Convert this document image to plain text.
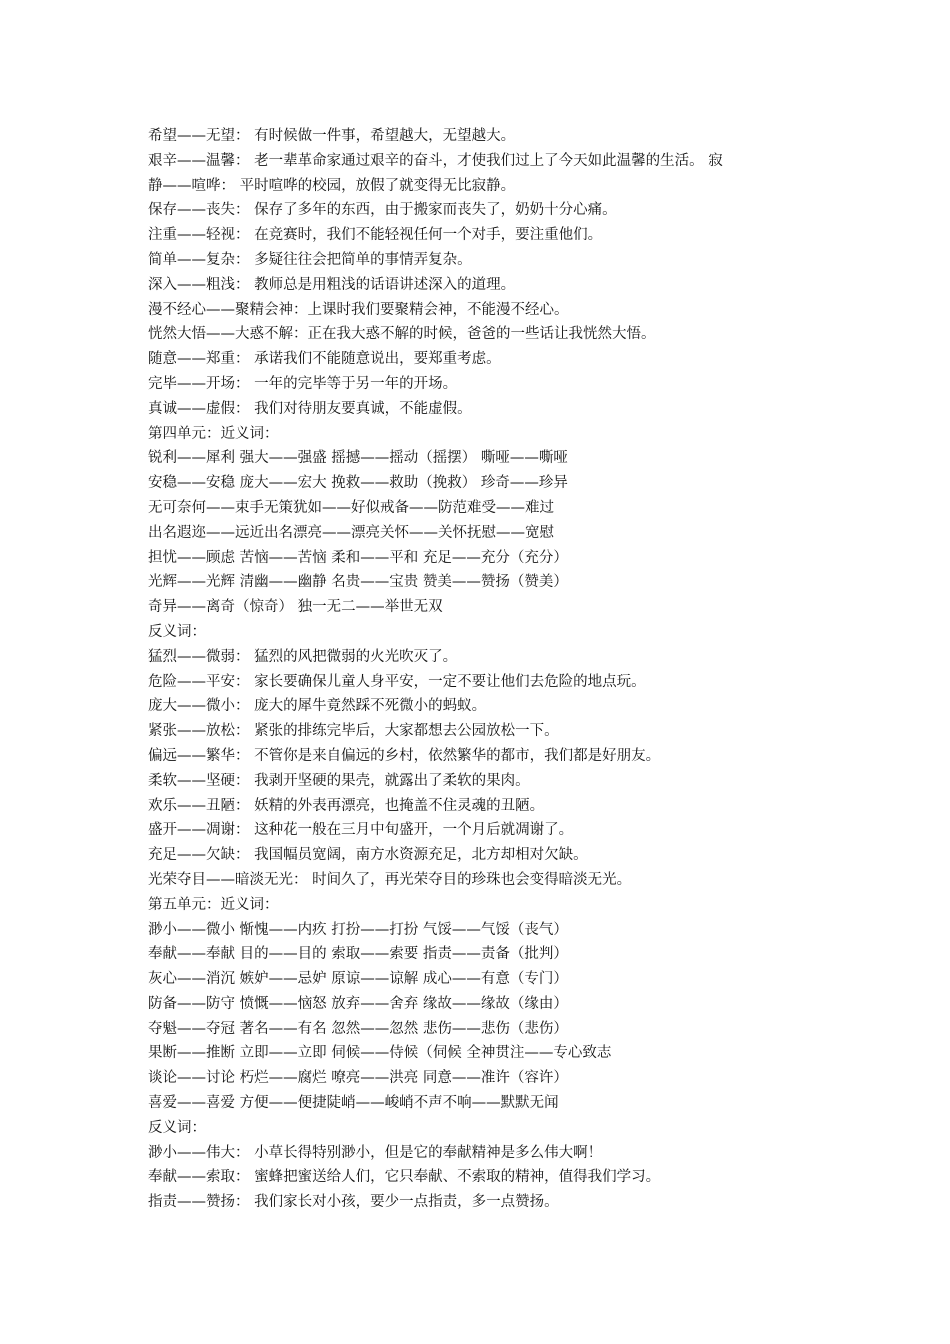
希望——无望： 有时候做一件事，希望越大，无望越大。
艰辛——温馨： 老一辈革命家通过艰辛的奋斗，才使我们过上了今天如此温馨的生活。 寂
静——喧哗： 平时喧哗的校园，放假了就变得无比寂静。
保存——丧失： 保存了多年的东西，由于搬家而丧失了，奶奶十分心痛。
注重——轻视： 在竞赛时，我们不能轻视任何一个对手，要注重他们。
简单——复杂： 多疑往往会把简单的事情弄复杂。
深入——粗浅： 教师总是用粗浅的话语讲述深入的道理。
漫不经心——聚精会神：上课时我们要聚精会神，不能漫不经心。
恍然大悟——大惑不解：正在我大惑不解的时候，爸爸的一些话让我恍然大悟。
随意——郑重： 承诺我们不能随意说出，要郑重考虑。
完毕——开场： 一年的完毕等于另一年的开场。
真诚——虚假： 我们对待朋友要真诚，不能虚假。
第四单元：近义词：
锐利——犀利 强大——强盛 摇撼——摇动（摇摆） 嘶哑——嘶哑
安稳——安稳 庞大——宏大 挽救——救助（挽救） 珍奇——珍异
无可奈何——束手无策犹如——好似戒备——防范难受——难过
出名遐迩——远近出名漂亮——漂亮关怀——关怀抚慰——宽慰
担忧——顾虑 苦恼——苦恼 柔和——平和 充足——充分（充分）
光辉——光辉 清幽——幽静 名贵——宝贵 赞美——赞扬（赞美）
奇异——离奇（惊奇） 独一无二——举世无双
反义词：
猛烈——微弱： 猛烈的风把微弱的火光吹灭了。
危险——平安： 家长要确保儿童人身平安，一定不要让他们去危险的地点玩。
庞大——微小： 庞大的犀牛竟然踩不死微小的蚂蚁。
紧张——放松： 紧张的排练完毕后，大家都想去公园放松一下。
偏远——繁华： 不管你是来自偏远的乡村，依然繁华的都市，我们都是好朋友。
柔软——坚硬： 我剥开坚硬的果壳，就露出了柔软的果肉。
欢乐——丑陋： 妖精的外表再漂亮，也掩盖不住灵魂的丑陋。
盛开——凋谢： 这种花一般在三月中旬盛开，一个月后就凋谢了。
充足——欠缺： 我国幅员宽阔，南方水资源充足，北方却相对欠缺。
光荣夺目——暗淡无光： 时间久了，再光荣夺目的珍珠也会变得暗淡无光。
第五单元：近义词：
渺小——微小 惭愧——内疚 打扮——打扮 气馁——气馁（丧气）
奉献——奉献 目的——目的 索取——索要 指责——责备（批判）
灰心——消沉 嫉妒——忌妒 原谅——谅解 成心——有意（专门）
防备——防守 愤慨——恼怒 放弃——舍弃 缘故——缘故（缘由）
夺魁——夺冠 著名——有名 忽然——忽然 悲伤——悲伤（悲伤）
果断——推断 立即——立即 伺候——侍候（伺候 全神贯注——专心致志
谈论——讨论 朽烂——腐烂 嘹亮——洪亮 同意——准许（容许）
喜爱——喜爱 方便——便捷陡峭——峻峭不声不响——默默无闻
反义词：
渺小——伟大： 小草长得特别渺小，但是它的奉献精神是多么伟大啊！
奉献——索取： 蜜蜂把蜜送给人们，它只奉献、不索取的精神，值得我们学习。
指责——赞扬： 我们家长对小孩，要少一点指责，多一点赞扬。
